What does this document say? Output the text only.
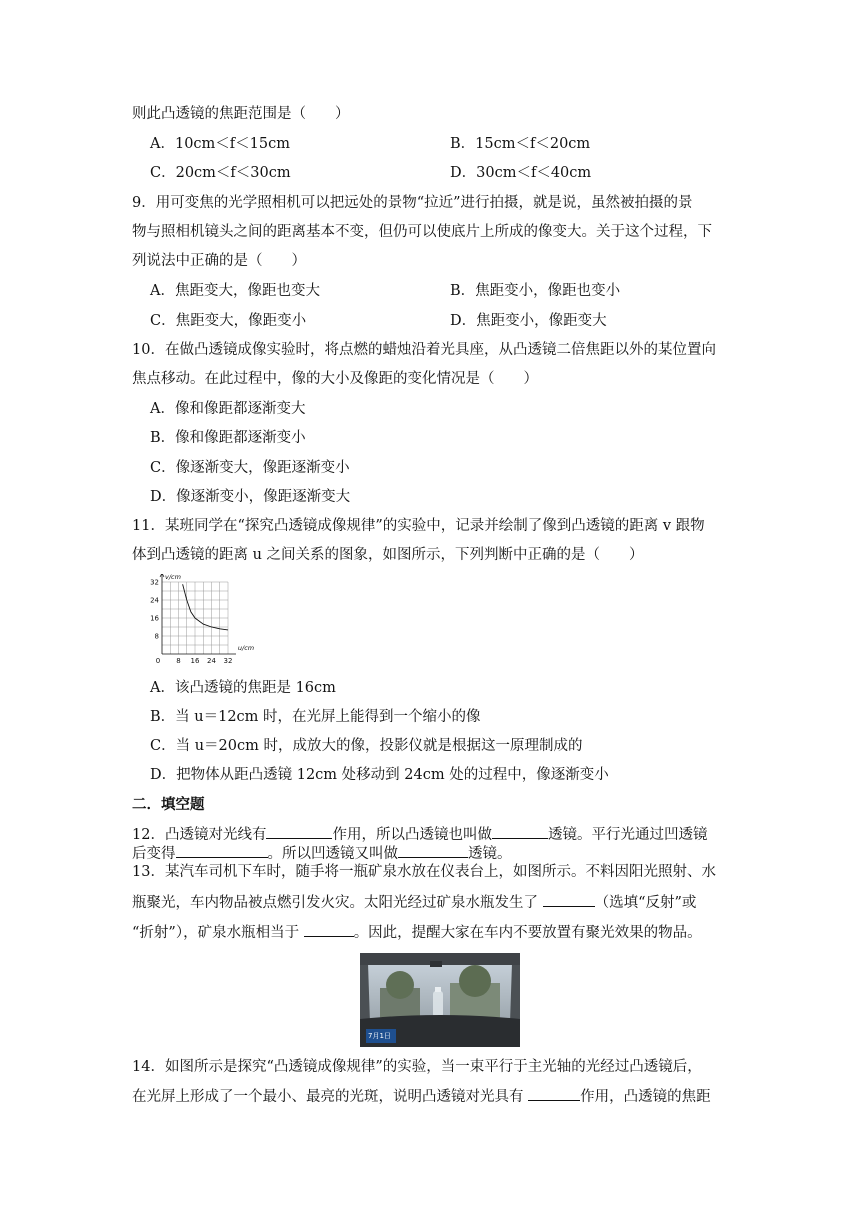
则此凸透镜的焦距范围是（　　）
A．10cm＜f＜15cm	B．15cm＜f＜20cm
C．20cm＜f＜30cm	D．30cm＜f＜40cm
9．用可变焦的光学照相机可以把远处的景物“拉近”进行拍摄，就是说，虽然被拍摄的景
物与照相机镜头之间的距离基本不变，但仍可以使底片上所成的像变大。关于这个过程，下
列说法中正确的是（　　）
A．焦距变大，像距也变大	B．焦距变小，像距也变小
C．焦距变大，像距变小	D．焦距变小，像距变大
10．在做凸透镜成像实验时，将点燃的蜡烛沿着光具座，从凸透镜二倍焦距以外的某位置向
焦点移动。在此过程中，像的大小及像距的变化情况是（　　）
A．像和像距都逐渐变大
B．像和像距都逐渐变小
C．像逐渐变大，像距逐渐变小
D．像逐渐变小，像距逐渐变大
11．某班同学在“探究凸透镜成像规律”的实验中，记录并绘制了像到凸透镜的距离 v 跟物
体到凸透镜的距离 u 之间关系的图象，如图所示，下列判断中正确的是（　　）
0 8 16 24 32
8
16
24
32
u/cm
v/cm
A．该凸透镜的焦距是 16cm
B．当 u＝12cm 时，在光屏上能得到一个缩小的像
C．当 u＝20cm 时，成放大的像，投影仪就是根据这一原理制成的
D．把物体从距凸透镜 12cm 处移动到 24cm 处的过程中，像逐渐变小
二．填空题
12．凸透镜对光线有	作用，所以凸透镜也叫做	透镜。平行光通过凹透镜
后变得	。所以凹透镜又叫做	透镜。
13．某汽车司机下车时，随手将一瓶矿泉水放在仪表台上，如图所示。不料因阳光照射、水
瓶聚光，车内物品被点燃引发火灾。太阳光经过矿泉水瓶发生了	（选填“反射”或
“折射”），矿泉水瓶相当于	。因此，提醒大家在车内不要放置有聚光效果的物品。
7月1日
14．如图所示是探究“凸透镜成像规律”的实验，当一束平行于主光轴的光经过凸透镜后，
在光屏上形成了一个最小、最亮的光斑，说明凸透镜对光具有	作用，凸透镜的焦距
